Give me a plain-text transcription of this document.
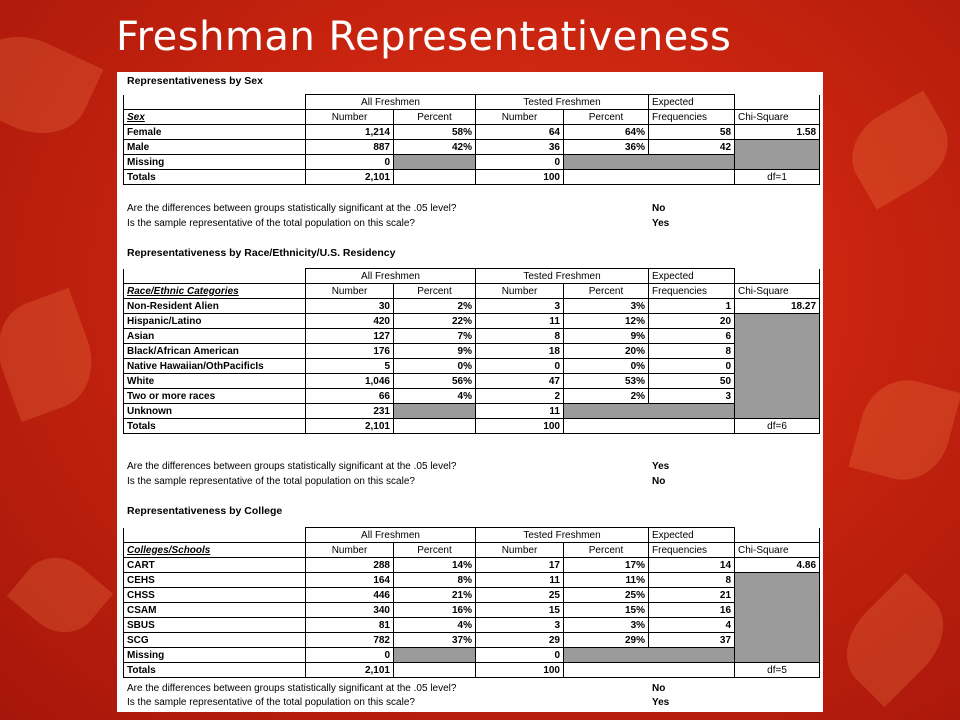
Freshman Representativeness

Representativeness by Sex

	All Freshmen		Tested Freshmen		Expected	
Sex	Number	Percent	Number	Percent	Frequencies	Chi-Square
Female	1,214	58%	64	64%	58	1.58
Male	887	42%	36	36%	42	
Missing	0		0			
Totals	2,101		100			df=1

Are the differences between groups statistically significant at the .05 level?	No

Is the sample representative of the total population on this scale?	Yes

Representativeness by Race/Ethnicity/U.S. Residency

	All Freshmen		Tested Freshmen		Expected	
Race/Ethnic Categories	Number	Percent	Number	Percent	Frequencies	Chi-Square
Non-Resident Alien	30	2%	3	3%	1	18.27
Hispanic/Latino	420	22%	11	12%	20	
Asian	127	7%	8	9%	6	
Black/African American	176	9%	18	20%	8	
Native Hawaiian/OthPacificIs	5	0%	0	0%	0	
White	1,046	56%	47	53%	50	
Two or more races	66	4%	2	2%	3	
Unknown	231		11			
Totals	2,101		100			df=6

Are the differences between groups statistically significant at the .05 level?	Yes

Is the sample representative of the total population on this scale?	No

Representativeness by College

	All Freshmen		Tested Freshmen		Expected	
Colleges/Schools	Number	Percent	Number	Percent	Frequencies	Chi-Square
CART	288	14%	17	17%	14	4.86
CEHS	164	8%	11	11%	8	
CHSS	446	21%	25	25%	21	
CSAM	340	16%	15	15%	16	
SBUS	81	4%	3	3%	4	
SCG	782	37%	29	29%	37	
Missing	0		0			
Totals	2,101		100			df=5

Are the differences between groups statistically significant at the .05 level?	No

Is the sample representative of the total population on this scale?	Yes
